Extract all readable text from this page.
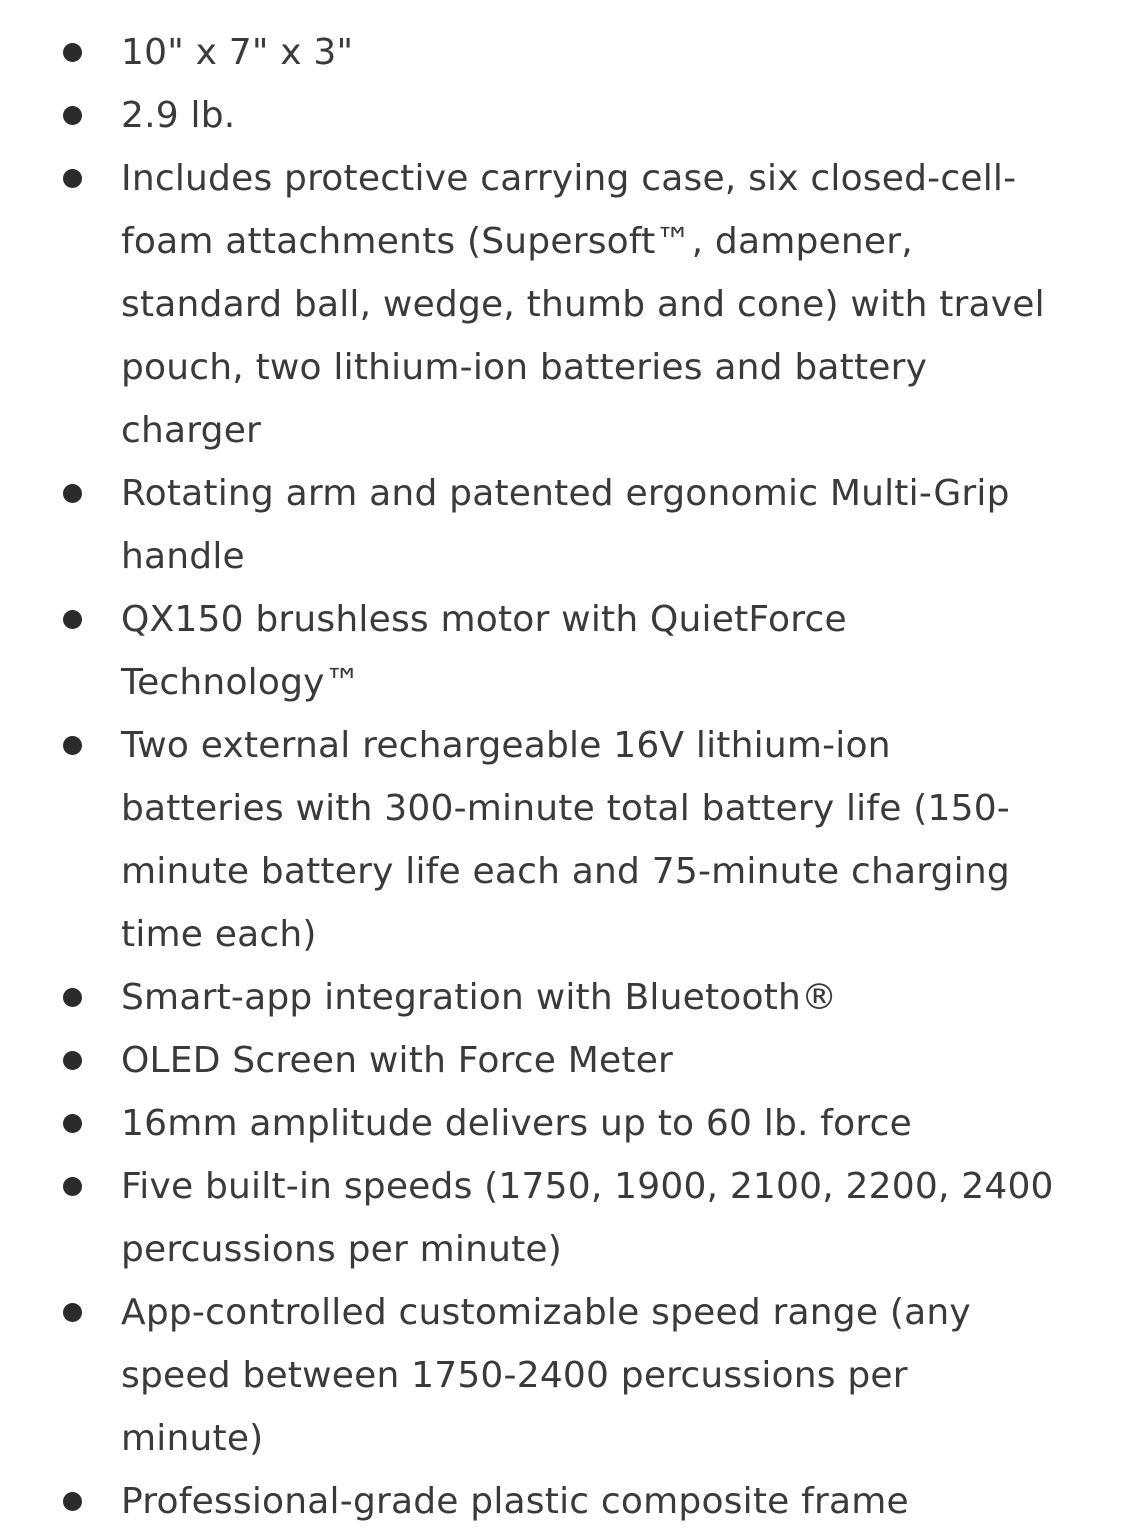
10" x 7" x 3"
2.9 lb.
Includes protective carrying case, six closed-cell-foam attachments (Supersoft™, dampener, standard ball, wedge, thumb and cone) with travel pouch, two lithium-ion batteries and battery charger
Rotating arm and patented ergonomic Multi-Grip handle
QX150 brushless motor with QuietForce Technology™
Two external rechargeable 16V lithium-ion batteries with 300-minute total battery life (150-minute battery life each and 75-minute charging time each)
Smart-app integration with Bluetooth®
OLED Screen with Force Meter
16mm amplitude delivers up to 60 lb. force
Five built-in speeds (1750, 1900, 2100, 2200, 2400 percussions per minute)
App-controlled customizable speed range (any speed between 1750-2400 percussions per minute)
Professional-grade plastic composite frame
